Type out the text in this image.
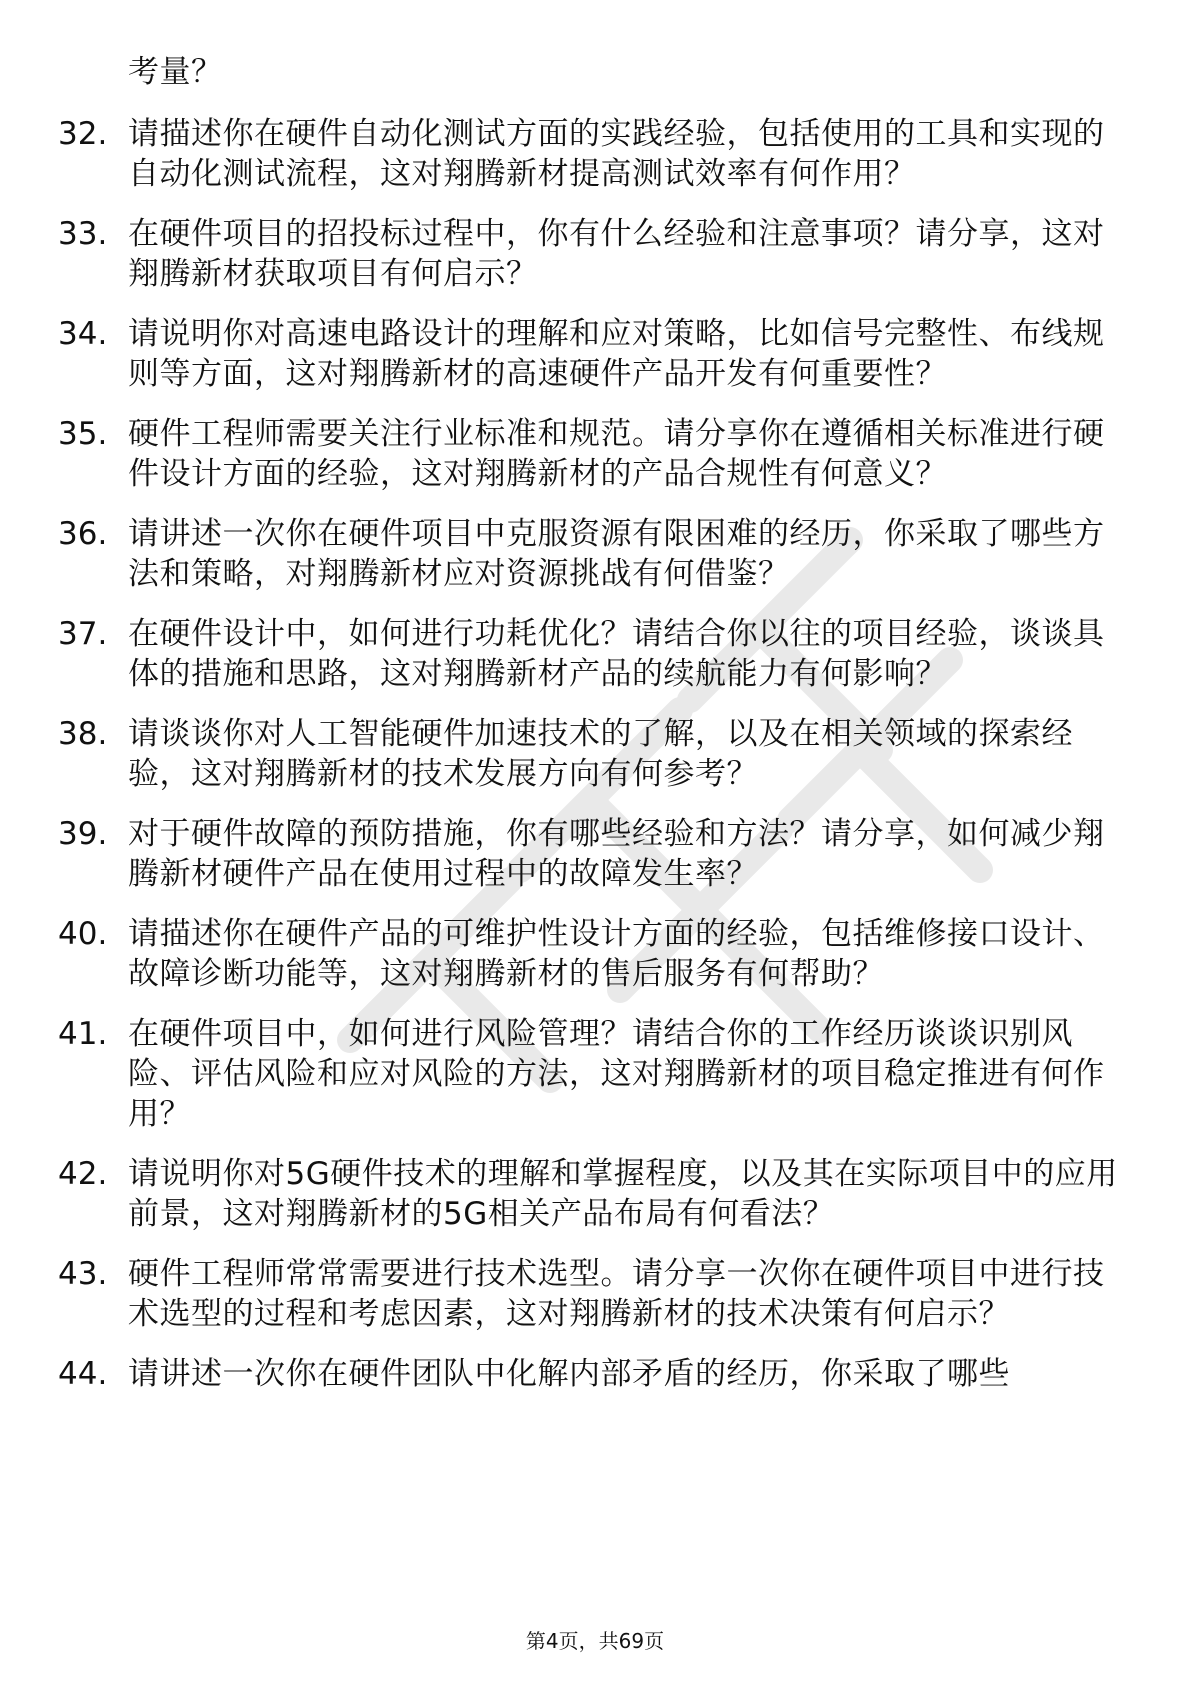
考量？
32. 请描述你在硬件自动化测试方面的实践经验，包括使用的工具和实现的自动化测试流程，这对翔腾新材提高测试效率有何作用？
33. 在硬件项目的招投标过程中，你有什么经验和注意事项？请分享，这对翔腾新材获取项目有何启示？
34. 请说明你对高速电路设计的理解和应对策略，比如信号完整性、布线规则等方面，这对翔腾新材的高速硬件产品开发有何重要性？
35. 硬件工程师需要关注行业标准和规范。请分享你在遵循相关标准进行硬件设计方面的经验，这对翔腾新材的产品合规性有何意义？
36. 请讲述一次你在硬件项目中克服资源有限困难的经历，你采取了哪些方法和策略，对翔腾新材应对资源挑战有何借鉴？
37. 在硬件设计中，如何进行功耗优化？请结合你以往的项目经验，谈谈具体的措施和思路，这对翔腾新材产品的续航能力有何影响？
38. 请谈谈你对人工智能硬件加速技术的了解，以及在相关领域的探索经验，这对翔腾新材的技术发展方向有何参考？
39. 对于硬件故障的预防措施，你有哪些经验和方法？请分享，如何减少翔腾新材硬件产品在使用过程中的故障发生率？
40. 请描述你在硬件产品的可维护性设计方面的经验，包括维修接口设计、故障诊断功能等，这对翔腾新材的售后服务有何帮助？
41. 在硬件项目中，如何进行风险管理？请结合你的工作经历谈谈识别风险、评估风险和应对风险的方法，这对翔腾新材的项目稳定推进有何作用？
42. 请说明你对5G硬件技术的理解和掌握程度，以及其在实际项目中的应用前景，这对翔腾新材的5G相关产品布局有何看法？
43. 硬件工程师常常需要进行技术选型。请分享一次你在硬件项目中进行技术选型的过程和考虑因素，这对翔腾新材的技术决策有何启示？
44. 请讲述一次你在硬件团队中化解内部矛盾的经历，你采取了哪些
第4页，共69页
